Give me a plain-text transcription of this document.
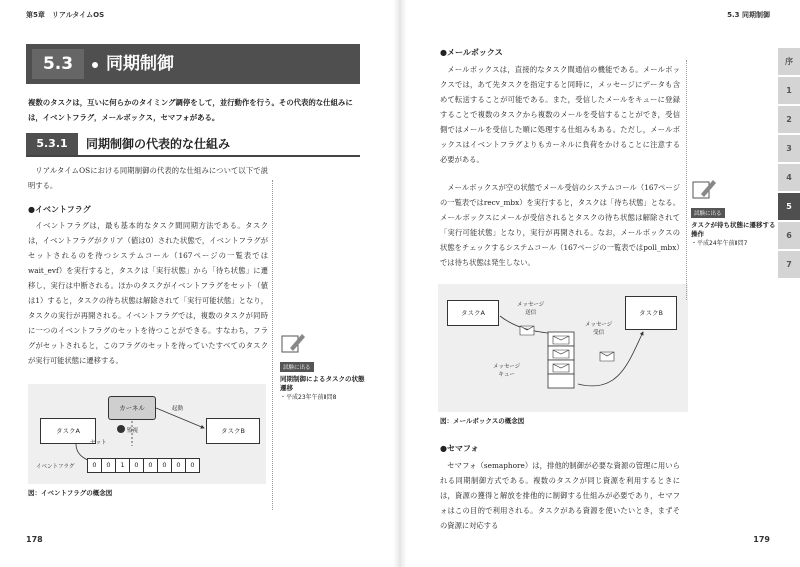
第5章　リアルタイムOS
5.3	同期制御
複数のタスクは，互いに何らかのタイミング調停をして，並行動作を行う。その代表的な仕組みには，イベントフラグ，メールボックス，セマフォがある。
5.3.1	同期制御の代表的な仕組み

リアルタイムOSにおける同期制御の代表的な仕組みについて以下で説明する。

●イベントフラグ

イベントフラグは，最も基本的なタスク間同期方法である。タスクは，イベントフラグがクリア（値は0）された状態で，イベントフラグがセットされるのを待つシステムコール（167ページの一覧表ではwait_evf）を実行すると，タスクは「実行状態」から「待ち状態」に遷移し，実行は中断される。ほかのタスクがイベントフラグをセット（値は1）すると，タスクの待ち状態は解除されて「実行可能状態」となり，タスクの実行が再開される。イベントフラグでは，複数のタスクが同時に一つのイベントフラグのセットを待つことができる。すなわち，フラグがセットされると，このフラグのセットを待っていたすべてのタスクが実行可能状態に遷移する。

タスクA
カーネル
タスクB
起動
監視
セット
イベントフラグ	0	0	1	0	0	0	0	0
図：イベントフラグの概念図
試験に出る
同期制御によるタスクの状態遷移
・平成23年午前Ⅱ問8
178
5.3 同期制御
●メールボックス

メールボックスは，直接的なタスク間通信の機能である。メールボックスでは，あて先タスクを指定すると同時に，メッセージにデータも含めて転送することが可能である。また，受信したメールをキューに登録することで複数のタスクから複数のメールを受信することができ，受信側ではメールを受信した順に処理する仕組みもある。ただし，メールボックスはイベントフラグよりもカーネルに負荷をかけることに注意する必要がある。

メールボックスが空の状態でメール受信のシステムコール（167ページの一覧表ではrecv_mbx）を実行すると，タスクは「待ち状態」となる。メールボックスにメールが受信されるとタスクの待ち状態は解除されて「実行可能状態」となり，実行が再開される。なお，メールボックスの状態をチェックするシステムコール（167ページの一覧表ではpoll_mbx）では待ち状態は発生しない。

タスクA	タスクB
メッセージ
送信
メッセージ
受信
メッセージ
キュー
図：メールボックスの概念図
試験に出る
タスクが待ち状態に遷移する操作
・平成24年午前Ⅱ問7
●セマフォ

セマフォ（semaphore）は，排他的制御が必要な資源の管理に用いられる同期制御方式である。複数のタスクが同じ資源を利用するときには，資源の獲得と解放を排他的に制御する仕組みが必要であり，セマフォはこの目的で利用される。タスクがある資源を使いたいとき，まずその資源に対応する

179
序
1
2
3
4
5
6
7
